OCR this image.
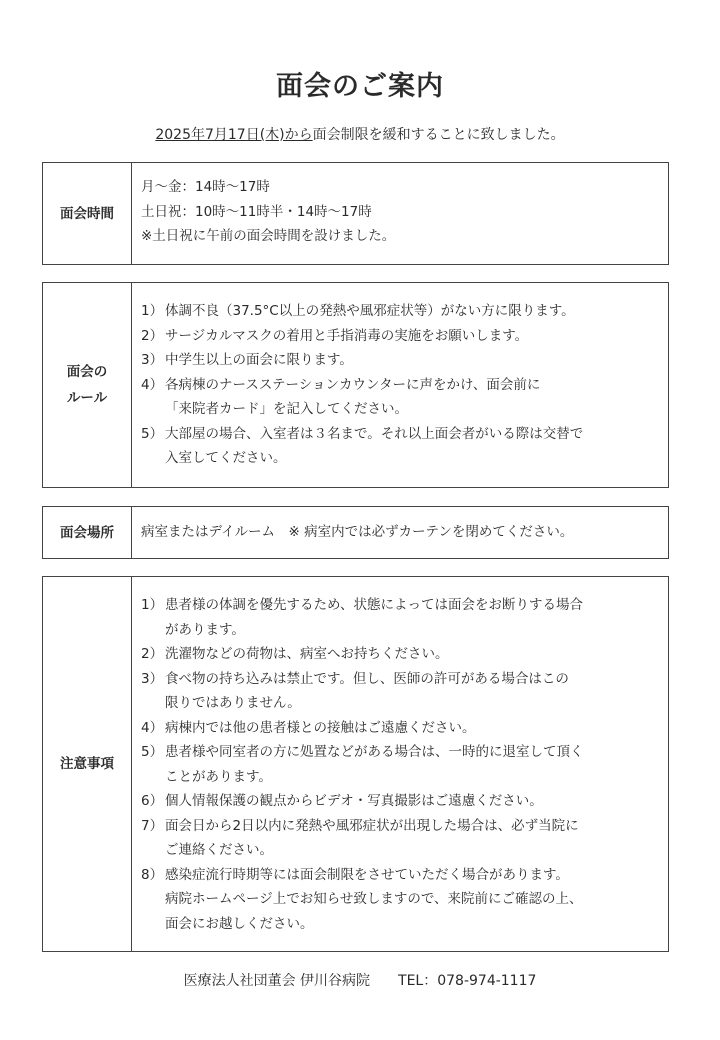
面会のご案内
2025年7月17日(木)から面会制限を緩和することに致しました。
面会時間
月～金：14時～17時
土日祝：10時～11時半・14時～17時
※土日祝に午前の面会時間を設けました。
面会の
ルール
1） 体調不良（37.5°C以上の発熱や風邪症状等）がない方に限ります。
2） サージカルマスクの着用と手指消毒の実施をお願いします。
3） 中学生以上の面会に限ります。
4） 各病棟のナースステーションカウンターに声をかけ、面会前に
「来院者カード」を記入してください。
5） 大部屋の場合、入室者は３名まで。それ以上面会者がいる際は交替で
入室してください。
面会場所 病室またはデイルーム　※ 病室内では必ずカーテンを閉めてください。
注意事項
1） 患者様の体調を優先するため、状態によっては面会をお断りする場合
があります。
2） 洗濯物などの荷物は、病室へお持ちください。
3） 食べ物の持ち込みは禁止です。但し、医師の許可がある場合はこの
限りではありません。
4） 病棟内では他の患者様との接触はご遠慮ください。
5） 患者様や同室者の方に処置などがある場合は、一時的に退室して頂く
ことがあります。
6） 個人情報保護の観点からビデオ・写真撮影はご遠慮ください。
7） 面会日から2日以内に発熱や風邪症状が出現した場合は、必ず当院に
ご連絡ください。
8） 感染症流行時期等には面会制限をさせていただく場合があります。
病院ホームページ上でお知らせ致しますので、来院前にご確認の上、
面会にお越しください。
医療法人社団董会 伊川谷病院 TEL：078-974-1117
